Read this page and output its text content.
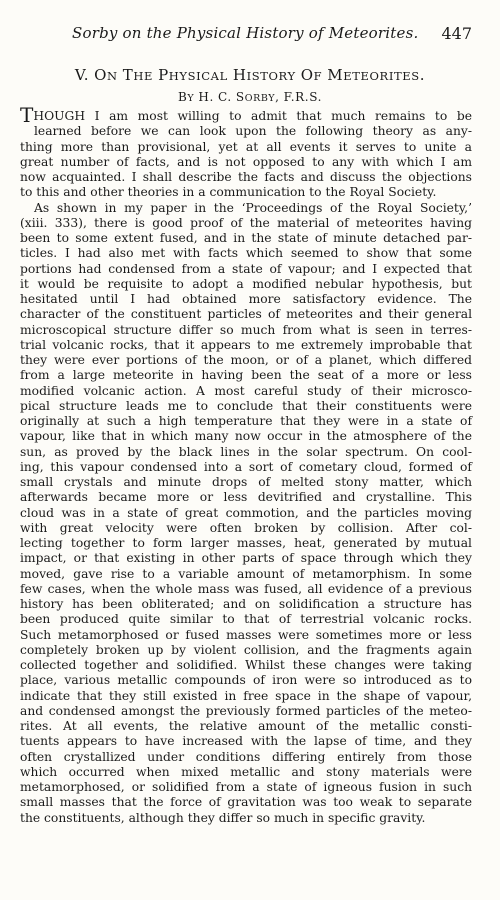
Sorby on the Physical History of Meteorites. 447
V. ON THE PHYSICAL HISTORY OF METEORITES.
BY H. C. SORBY, F.R.S.
THOUGH I am most willing to admit that much remains to be
learned before we can look upon the following theory as any-
thing more than provisional, yet at all events it serves to unite a
great number of facts, and is not opposed to any with which I am
now acquainted. I shall describe the facts and discuss the objections
to this and other theories in a communication to the Royal Society.
As shown in my paper in the ‘Proceedings of the Royal Society,’
(xiii. 333), there is good proof of the material of meteorites having
been to some extent fused, and in the state of minute detached par-
ticles. I had also met with facts which seemed to show that some
portions had condensed from a state of vapour; and I expected that
it would be requisite to adopt a modified nebular hypothesis, but
hesitated until I had obtained more satisfactory evidence. The
character of the constituent particles of meteorites and their general
microscopical structure differ so much from what is seen in terres-
trial volcanic rocks, that it appears to me extremely improbable that
they were ever portions of the moon, or of a planet, which differed
from a large meteorite in having been the seat of a more or less
modified volcanic action. A most careful study of their microsco-
pical structure leads me to conclude that their constituents were
originally at such a high temperature that they were in a state of
vapour, like that in which many now occur in the atmosphere of the
sun, as proved by the black lines in the solar spectrum. On cool-
ing, this vapour condensed into a sort of cometary cloud, formed of
small crystals and minute drops of melted stony matter, which
afterwards became more or less devitrified and crystalline. This
cloud was in a state of great commotion, and the particles moving
with great velocity were often broken by collision. After col-
lecting together to form larger masses, heat, generated by mutual
impact, or that existing in other parts of space through which they
moved, gave rise to a variable amount of metamorphism. In some
few cases, when the whole mass was fused, all evidence of a previous
history has been obliterated; and on solidification a structure has
been produced quite similar to that of terrestrial volcanic rocks.
Such metamorphosed or fused masses were sometimes more or less
completely broken up by violent collision, and the fragments again
collected together and solidified. Whilst these changes were taking
place, various metallic compounds of iron were so introduced as to
indicate that they still existed in free space in the shape of vapour,
and condensed amongst the previously formed particles of the meteo-
rites. At all events, the relative amount of the metallic consti-
tuents appears to have increased with the lapse of time, and they
often crystallized under conditions differing entirely from those
which occurred when mixed metallic and stony materials were
metamorphosed, or solidified from a state of igneous fusion in such
small masses that the force of gravitation was too weak to separate
the constituents, although they differ so much in specific gravity.
